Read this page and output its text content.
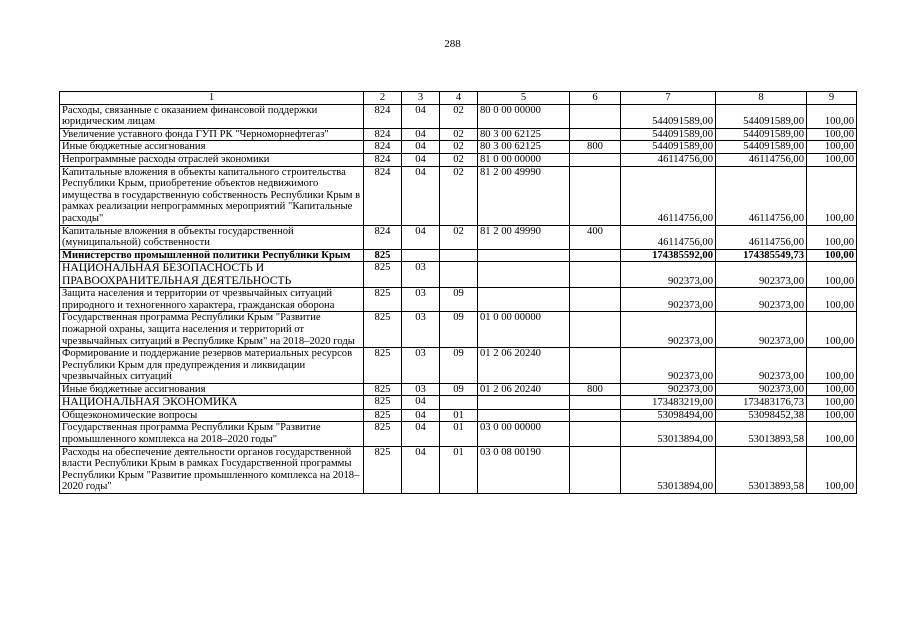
288
1	2	3	4	5	6	7	8	9
Расходы, связанные с оказанием финансовой поддержки юридическим лицам	824	04	02	80 0 00 00000		544091589,00	544091589,00	100,00
Увеличение уставного фонда ГУП РК "Черноморнефтегаз"	824	04	02	80 3 00 62125		544091589,00	544091589,00	100,00
Иные бюджетные ассигнования	824	04	02	80 3 00 62125	800	544091589,00	544091589,00	100,00
Непрограммные расходы отраслей экономики	824	04	02	81 0 00 00000		46114756,00	46114756,00	100,00
Капитальные вложения в объекты капитального строительства Республики Крым, приобретение объектов недвижимого имущества в государственную собственность Республики Крым в рамках реализации непрограммных мероприятий "Капитальные расходы"	824	04	02	81 2 00 49990		46114756,00	46114756,00	100,00
Капитальные вложения в объекты государственной (муниципальной) собственности	824	04	02	81 2 00 49990	400	46114756,00	46114756,00	100,00
Министерство промышленной политики Республики Крым	825					174385592,00	174385549,73	100,00
НАЦИОНАЛЬНАЯ БЕЗОПАСНОСТЬ И ПРАВООХРАНИТЕЛЬНАЯ ДЕЯТЕЛЬНОСТЬ	825	03				902373,00	902373,00	100,00
Защита населения и территории от чрезвычайных ситуаций природного и техногенного характера, гражданская оборона	825	03	09			902373,00	902373,00	100,00
Государственная программа Республики Крым "Развитие пожарной охраны, защита населения и территорий от чрезвычайных ситуаций в Республике Крым" на 2018–2020 годы	825	03	09	01 0 00 00000		902373,00	902373,00	100,00
Формирование и поддержание резервов материальных ресурсов Республики Крым для предупреждения и ликвидации чрезвычайных ситуаций	825	03	09	01 2 06 20240		902373,00	902373,00	100,00
Иные бюджетные ассигнования	825	03	09	01 2 06 20240	800	902373,00	902373,00	100,00
НАЦИОНАЛЬНАЯ ЭКОНОМИКА	825	04				173483219,00	173483176,73	100,00
Общеэкономические вопросы	825	04	01			53098494,00	53098452,38	100,00
Государственная программа Республики Крым "Развитие промышленного комплекса на 2018–2020 годы"	825	04	01	03 0 00 00000		53013894,00	53013893,58	100,00
Расходы на обеспечение деятельности органов государственной власти Республики Крым в рамках Государственной программы Республики Крым "Развитие промышленного комплекса на 2018–2020 годы"	825	04	01	03 0 08 00190		53013894,00	53013893,58	100,00
